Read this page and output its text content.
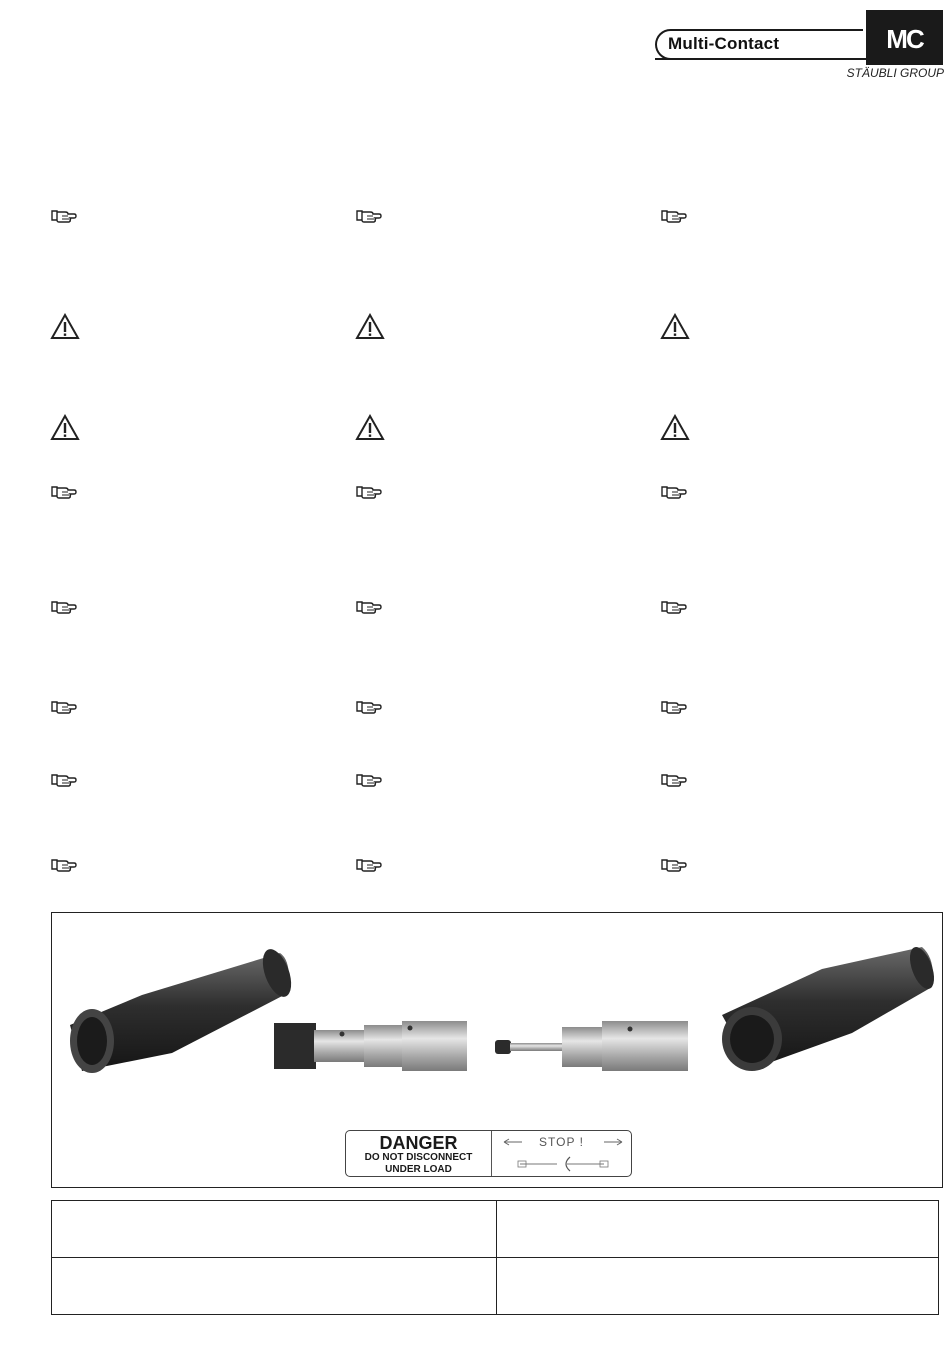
Multi-Contact	MC
STÄUBLI GROUP
DANGER
DO NOT DISCONNECT
UNDER LOAD
STOP !
